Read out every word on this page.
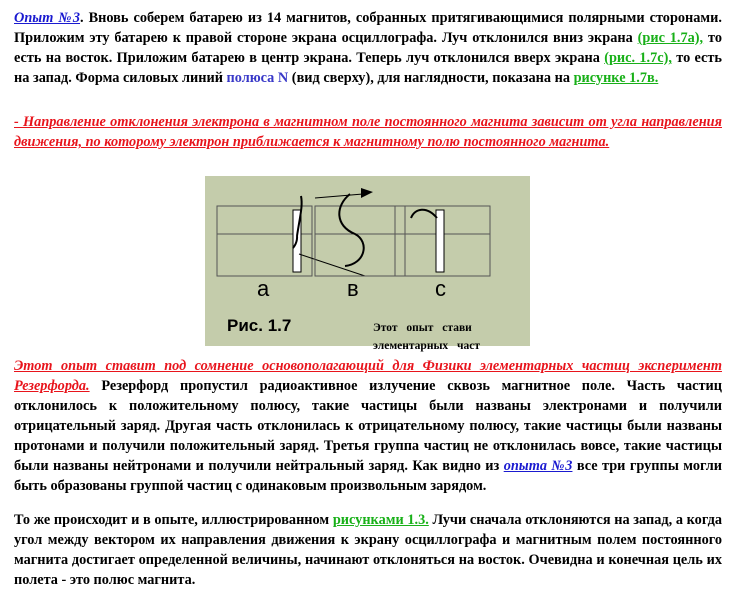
Опыт №3. Вновь соберем батарею из 14 магнитов, собранных притягивающимися полярными сторонами. Приложим эту батарею к правой стороне экрана осциллографа. Луч отклонился вниз экрана (рис 1.7а), то есть на восток. Приложим батарею в центр экрана. Теперь луч отклонился вверх экрана (рис. 1.7с), то есть на запад. Форма силовых линий полюса N (вид сверху), для наглядности, показана на рисунке 1.7в.

- Направление отклонения электрона в магнитном поле постоянного магнита зависит от угла направления движения, по которому электрон приближается к магнитному полю постоянного магнита.

а	в	с
Рис. 1.7	Этот опыт стави
элементарных част

Этот опыт ставит под сомнение основополагающий для Физики элементарных частиц эксперимент Резерфорда. Резерфорд пропустил радиоактивное излучение сквозь магнитное поле. Часть частиц отклонилось к положительному полюсу, такие частицы были названы электронами и получили отрицательный заряд. Другая часть отклонилась к отрицательному полюсу, такие частицы были названы протонами и получили положительный заряд. Третья группа частиц не отклонилась вовсе, такие частицы были названы нейтронами и получили нейтральный заряд. Как видно из опыта №3 все три группы могли быть образованы группой частиц с одинаковым произвольным зарядом.

То же происходит и в опыте, иллюстрированном рисунками 1.3. Лучи сначала отклоняются на запад, а когда угол между вектором их направления движения к экрану осциллографа и магнитным полем постоянного магнита достигает определенной величины, начинают отклоняться на восток. Очевидна и конечная цель их полета - это полюс магнита.
